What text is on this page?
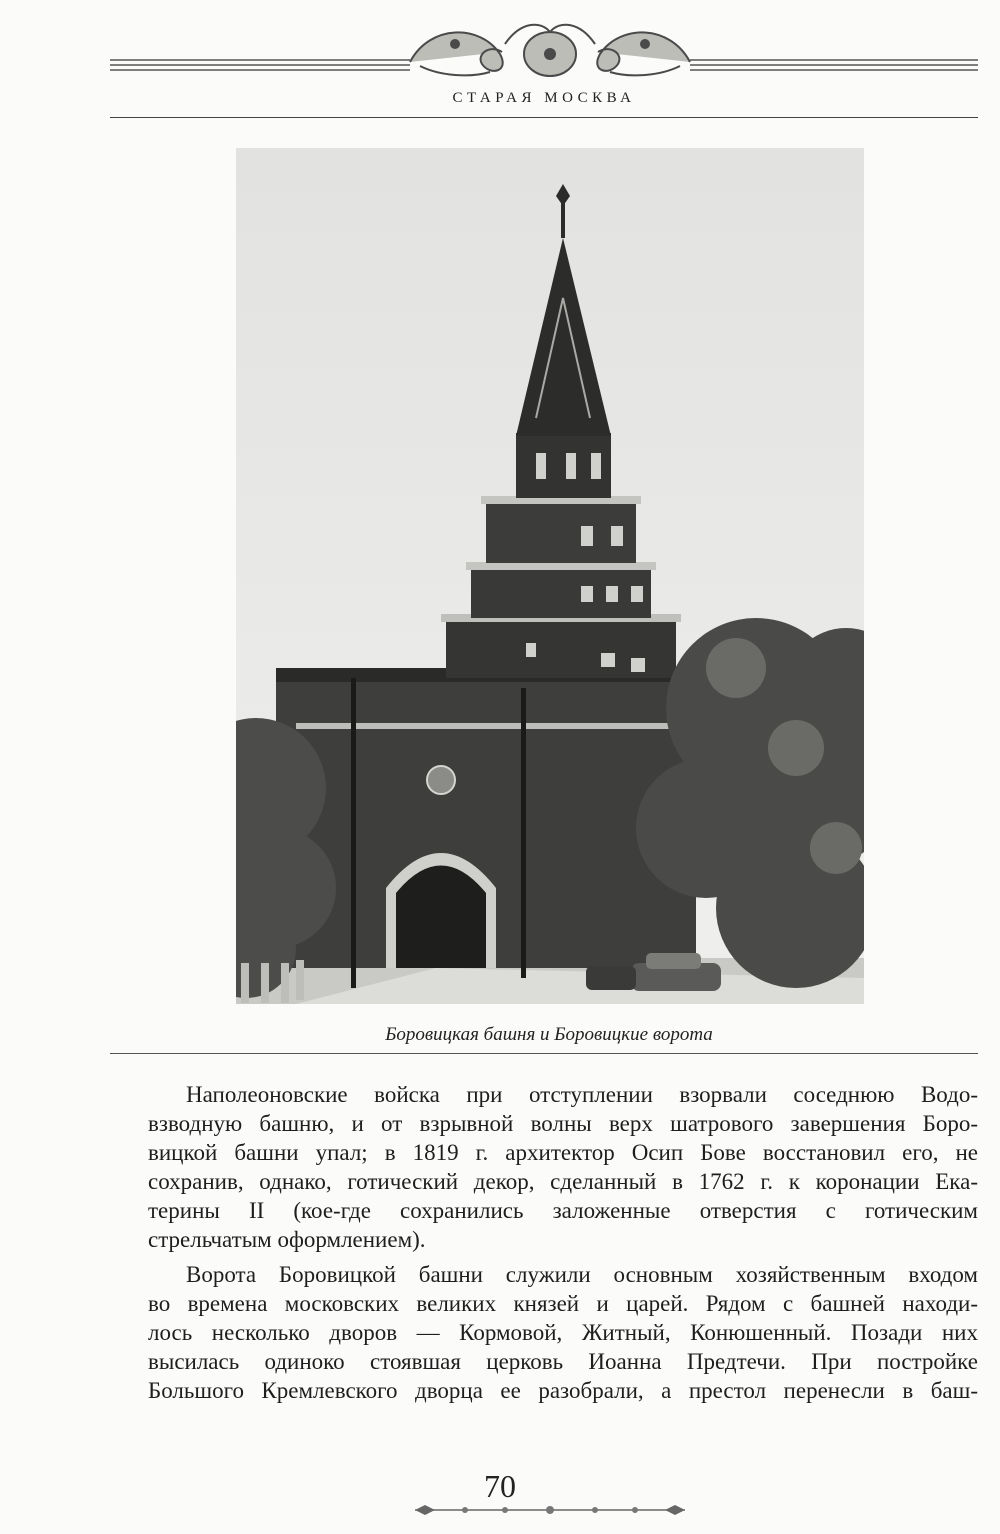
СТАРАЯ МОСКВА
Боровицкая башня и Боровицкие ворота
Наполеоновские войска при отступлении взорвали соседнюю Водо-
взводную башню, и от взрывной волны верх шатрового завершения Боро-
вицкой башни упал; в 1819 г. архитектор Осип Бове восстановил его, не
сохранив, однако, готический декор, сделанный в 1762 г. к коронации Ека-
терины II (кое-где сохранились заложенные отверстия с готическим
стрельчатым оформлением).
Ворота Боровицкой башни служили основным хозяйственным входом
во времена московских великих князей и царей. Рядом с башней находи-
лось несколько дворов — Кормовой, Житный, Конюшенный. Позади них
высилась одиноко стоявшая церковь Иоанна Предтечи. При постройке
Большого Кремлевского дворца ее разобрали, а престол перенесли в баш-
70
